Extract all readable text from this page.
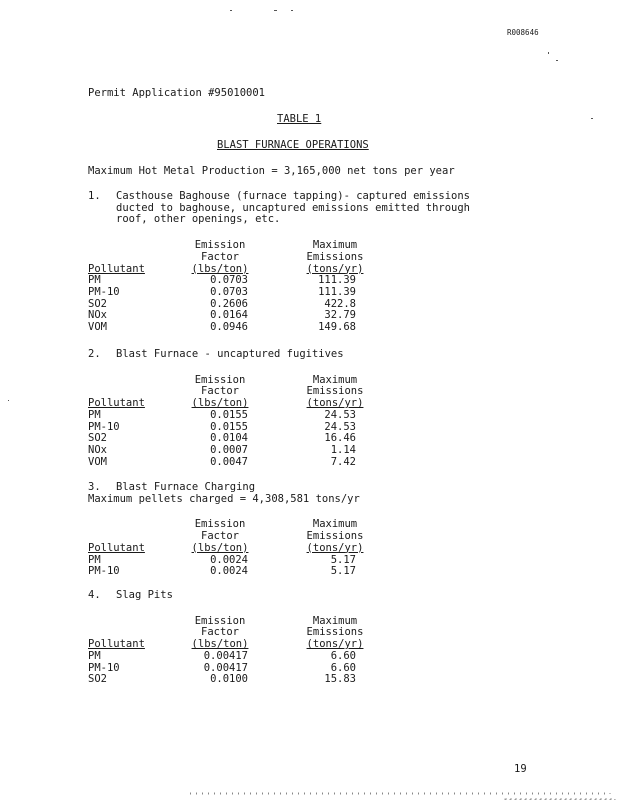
R008646
Permit Application #95010001
TABLE 1
BLAST FURNACE OPERATIONS
Maximum Hot Metal Production = 3,165,000 net tons per year
1. Casthouse Baghouse (furnace tapping)- captured emissions
ducted to baghouse, uncaptured emissions emitted through
roof, other openings, etc.
Emission	Maximum
Factor	Emissions
Pollutant	(lbs/ton)	(tons/yr)
PM	0.0703	111.39
PM-10	0.0703	111.39
SO2	0.2606	422.8
NOx	0.0164	32.79
VOM	0.0946	149.68
2. Blast Furnace - uncaptured fugitives
Emission	Maximum
Factor	Emissions
Pollutant	(lbs/ton)	(tons/yr)
PM	0.0155	24.53
PM-10	0.0155	24.53
SO2	0.0104	16.46
NOx	0.0007	1.14
VOM	0.0047	7.42
3. Blast Furnace Charging
Maximum pellets charged = 4,308,581 tons/yr
Emission	Maximum
Factor	Emissions
Pollutant	(lbs/ton)	(tons/yr)
PM	0.0024	5.17
PM-10	0.0024	5.17
4. Slag Pits
Emission	Maximum
Factor	Emissions
Pollutant	(lbs/ton)	(tons/yr)
PM	0.00417	6.60
PM-10	0.00417	6.60
SO2	0.0100	15.83
19
